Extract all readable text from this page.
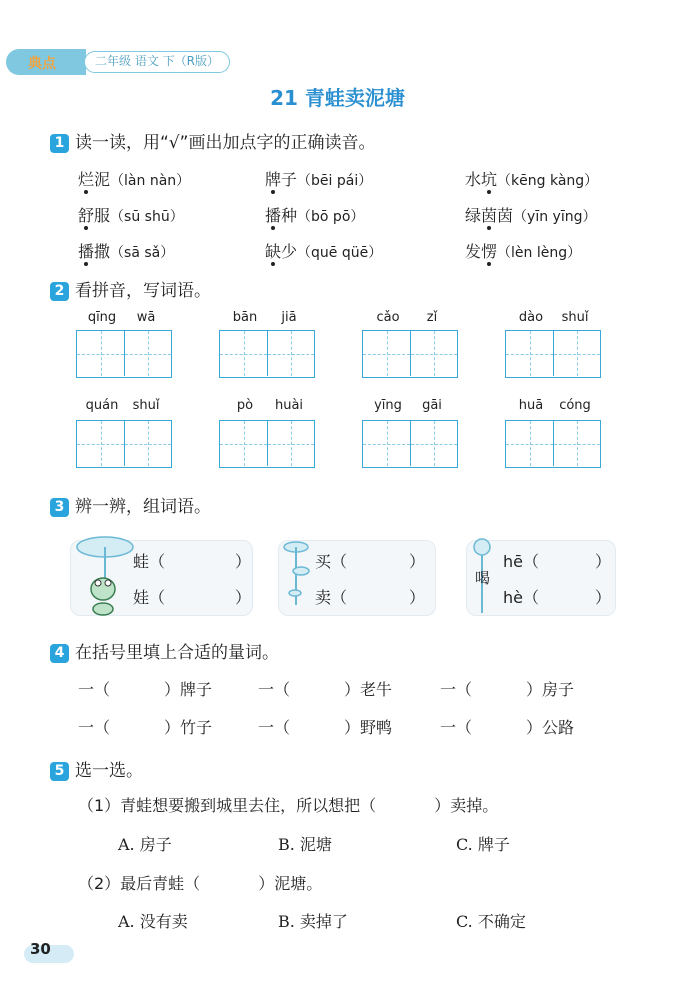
典点	二年级 语文 下（R版）
21 青蛙卖泥塘
1 读一读，用“√”画出加点字的正确读音。
烂泥（làn nàn）	牌子（bēi pái）	水坑（kēng kàng）
舒服（sū shū）	播种（bō pō）	绿茵茵（yīn yīng）
播撒（sā sǎ）	缺少（quē qüē）	发愣（lèn lèng）
2 看拼音，写词语。
qīng wā	bān jiā	cǎo zǐ	dào shuǐ
quán shuǐ	pò huài	yīng gāi	huā cóng
3 辨一辨，组词语。
蛙（	）
娃（	）
买（	）
卖（	）
喝
hē（	）
hè（	）
4 在括号里填上合适的量词。
一（	）牌子	一（	）老牛	一（	）房子
一（	）竹子	一（	）野鸭	一（	）公路
5 选一选。
（1）青蛙想要搬到城里去住，所以想把（	）卖掉。
A. 房子	B. 泥塘	C. 牌子
（2）最后青蛙（	）泥塘。
A. 没有卖	B. 卖掉了	C. 不确定
30
